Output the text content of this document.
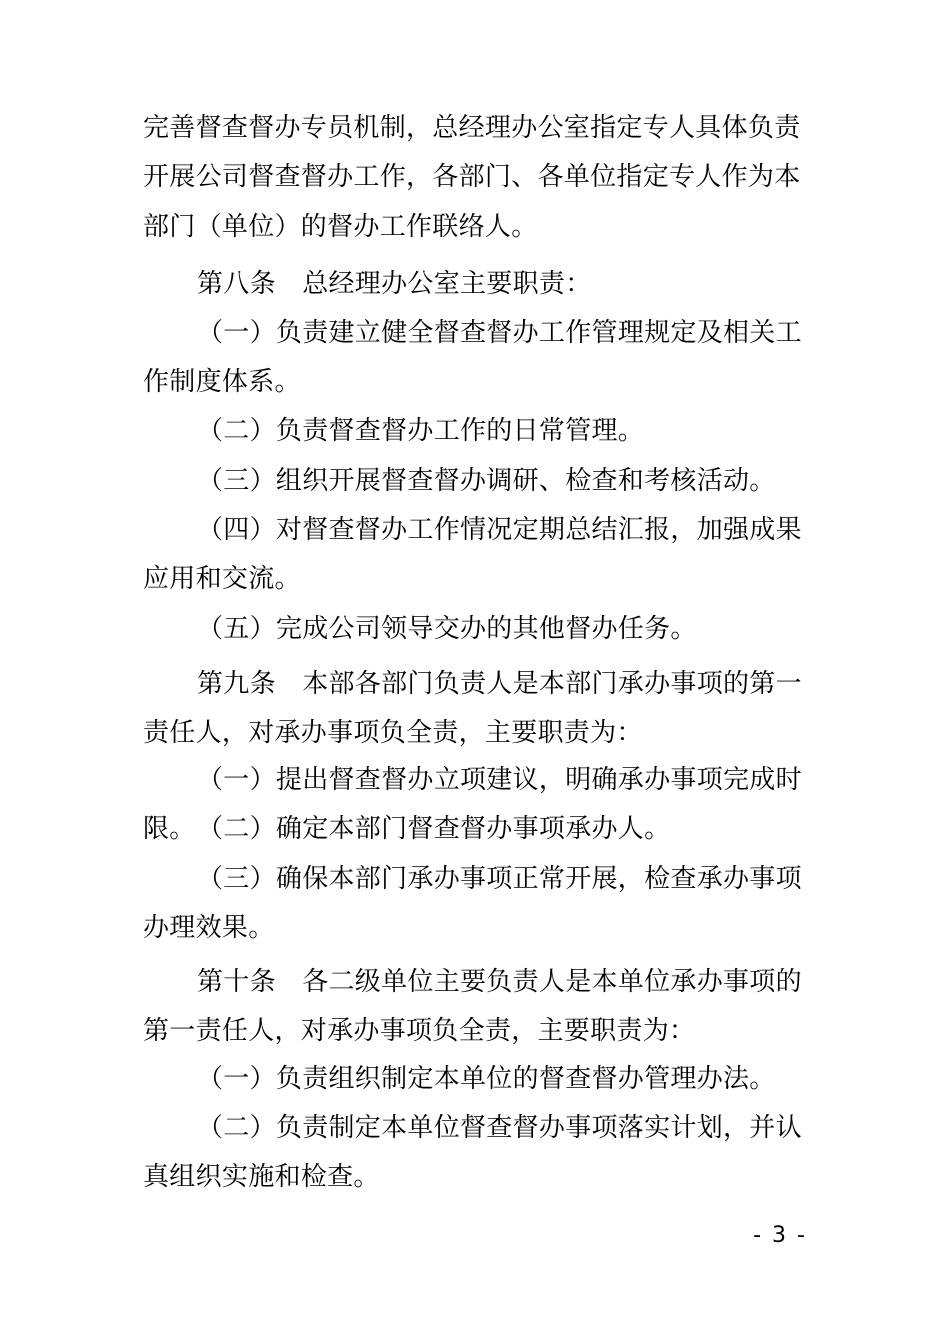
完善督查督办专员机制，总经理办公室指定专人具体负责开展公司督查督办工作，各部门、各单位指定专人作为本部门（单位）的督办工作联络人。

第八条　总经理办公室主要职责：

（一）负责建立健全督查督办工作管理规定及相关工作制度体系。

（二）负责督查督办工作的日常管理。

（三）组织开展督查督办调研、检查和考核活动。

（四）对督查督办工作情况定期总结汇报，加强成果应用和交流。

（五）完成公司领导交办的其他督办任务。

第九条　本部各部门负责人是本部门承办事项的第一责任人，对承办事项负全责，主要职责为：

（一）提出督查督办立项建议，明确承办事项完成时限。 （二）确定本部门督查督办事项承办人。

（三）确保本部门承办事项正常开展，检查承办事项办理效果。

第十条　各二级单位主要负责人是本单位承办事项的第一责任人，对承办事项负全责，主要职责为：

（一）负责组织制定本单位的督查督办管理办法。

（二）负责制定本单位督查督办事项落实计划，并认真组织实施和检查。

- 3 -
